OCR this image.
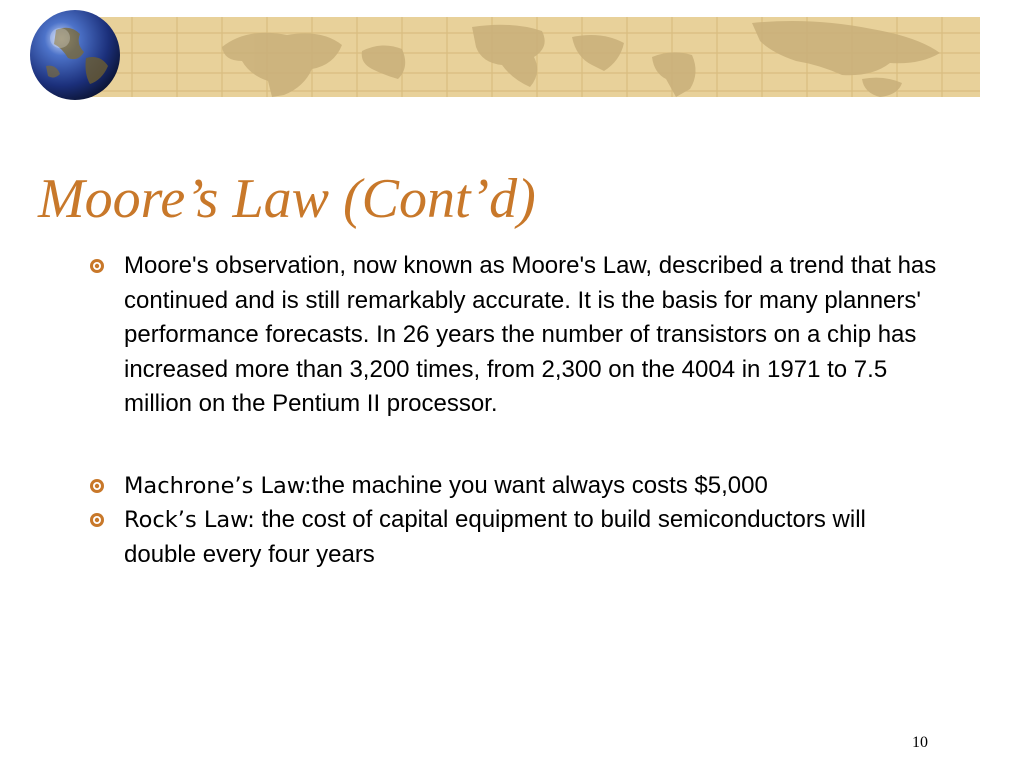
Moore’s Law (Cont’d)
Moore's observation, now known as Moore's Law, described a trend that has continued and is still remarkably accurate. It is the basis for many planners' performance forecasts. In 26 years the number of transistors on a chip has increased more than 3,200 times, from 2,300 on the 4004 in 1971 to 7.5 million on the Pentium II processor.
Machrone’s Law:the machine you want always costs $5,000
Rock’s Law: the cost of capital equipment to build semiconductors will double every four years
10
